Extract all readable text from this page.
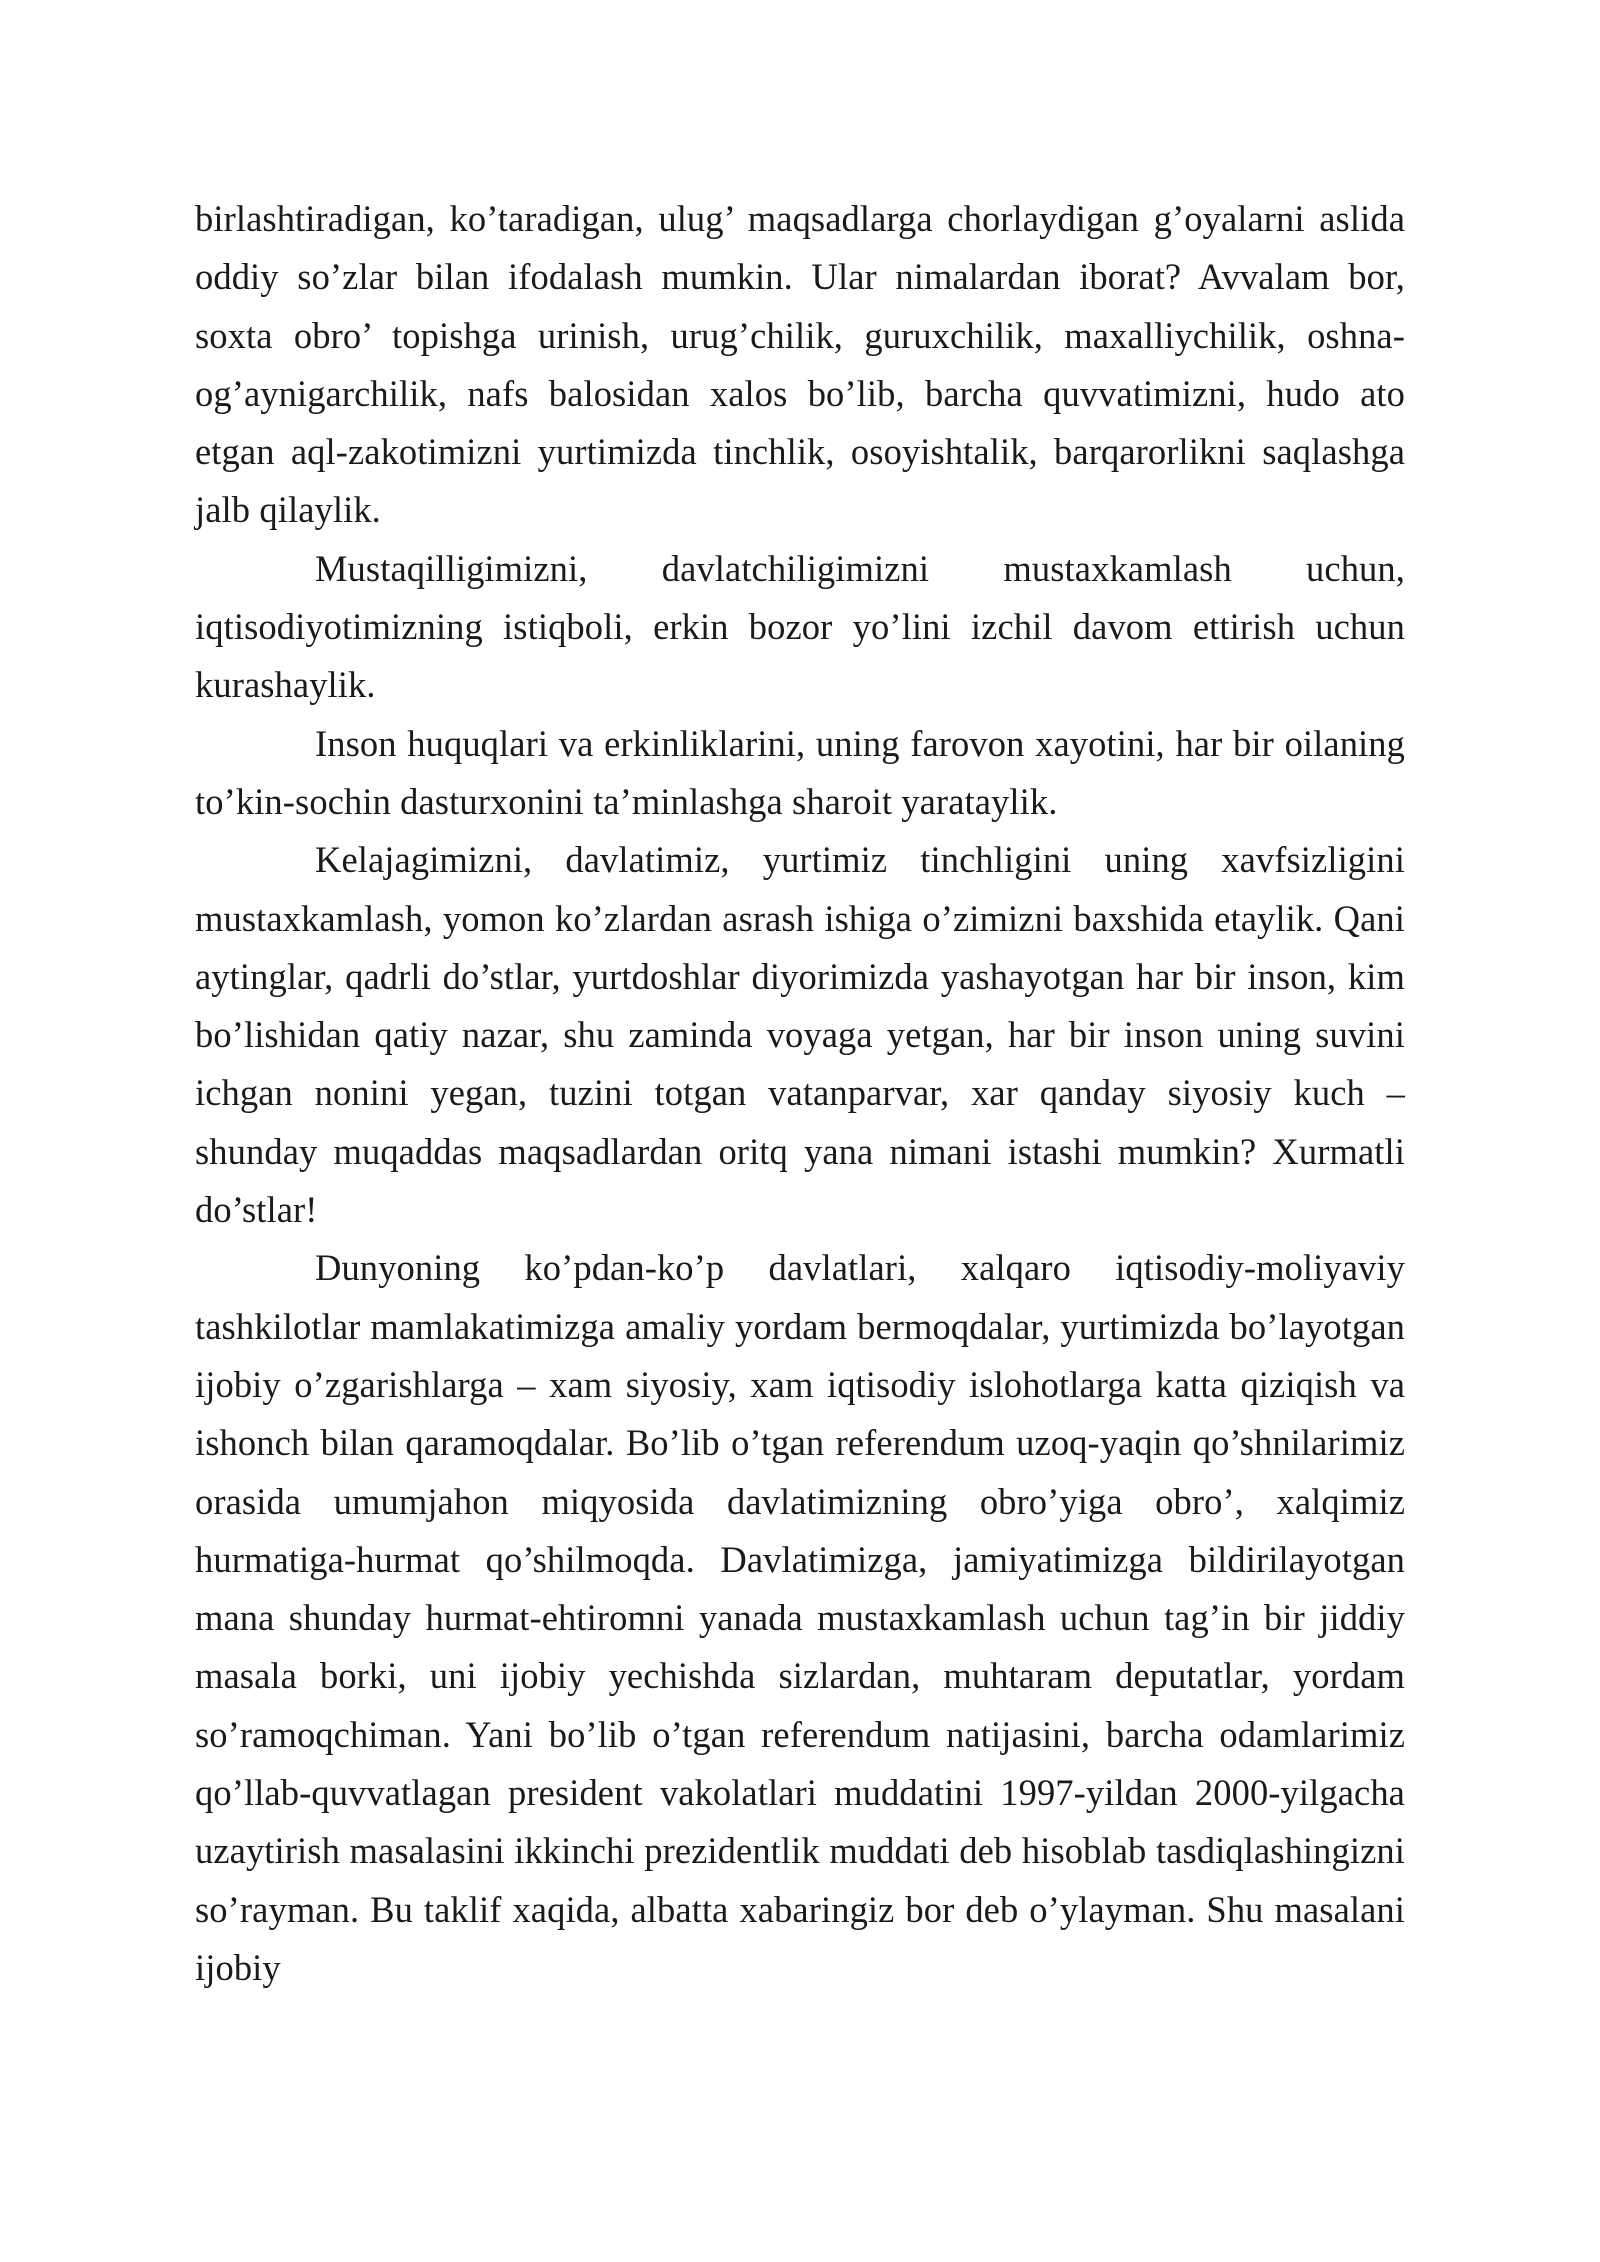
birlashtiradigan, ko’taradigan, ulug’ maqsadlarga chorlaydigan g’oyalarni aslida oddiy so’zlar bilan ifodalash mumkin. Ular nimalardan iborat? Avvalam bor, soxta obro’ topishga urinish, urug’chilik, guruxchilik, maxalliychilik, oshna-og’aynigarchilik, nafs balosidan xalos bo’lib, barcha quvvatimizni, hudo ato etgan aql-zakotimizni yurtimizda tinchlik, osoyishtalik, barqarorlikni saqlashga jalb qilaylik.

Mustaqilligimizni, davlatchiligimizni mustaxkamlash uchun, iqtisodiyotimizning istiqboli, erkin bozor yo’lini izchil davom ettirish uchun kurashaylik.

Inson huquqlari va erkinliklarini, uning farovon xayotini, har bir oilaning to’kin-sochin dasturxonini ta’minlashga sharoit yarataylik.

Kelajagimizni, davlatimiz, yurtimiz tinchligini uning xavfsizligini mustaxkamlash, yomon ko’zlardan asrash ishiga o’zimizni baxshida etaylik. Qani aytinglar, qadrli do’stlar, yurtdoshlar diyorimizda yashayotgan har bir inson, kim bo’lishidan qatiy nazar, shu zaminda voyaga yetgan, har bir inson uning suvini ichgan nonini yegan, tuzini totgan vatanparvar, xar qanday siyosiy kuch – shunday muqaddas maqsadlardan oritq yana nimani istashi mumkin? Xurmatli do’stlar!

Dunyoning ko’pdan-ko’p davlatlari, xalqaro iqtisodiy-moliyaviy tashkilotlar mamlakatimizga amaliy yordam bermoqdalar, yurtimizda bo’layotgan ijobiy o’zgarishlarga – xam siyosiy, xam iqtisodiy islohotlarga katta qiziqish va ishonch bilan qaramoqdalar. Bo’lib o’tgan referendum uzoq-yaqin qo’shnilarimiz orasida umumjahon miqyosida davlatimizning obro’yiga obro’, xalqimiz hurmatiga-hurmat qo’shilmoqda. Davlatimizga, jamiyatimizga bildirilayotgan mana shunday hurmat-ehtiromni yanada mustaxkamlash uchun tag’in bir jiddiy masala borki, uni ijobiy yechishda sizlardan, muhtaram deputatlar, yordam so’ramoqchiman. Yani bo’lib o’tgan referendum natijasini, barcha odamlarimiz qo’llab-quvvatlagan president vakolatlari muddatini 1997-yildan 2000-yilgacha uzaytirish masalasini ikkinchi prezidentlik muddati deb hisoblab tasdiqlashingizni so’rayman. Bu taklif xaqida, albatta xabaringiz bor deb o’ylayman. Shu masalani ijobiy
